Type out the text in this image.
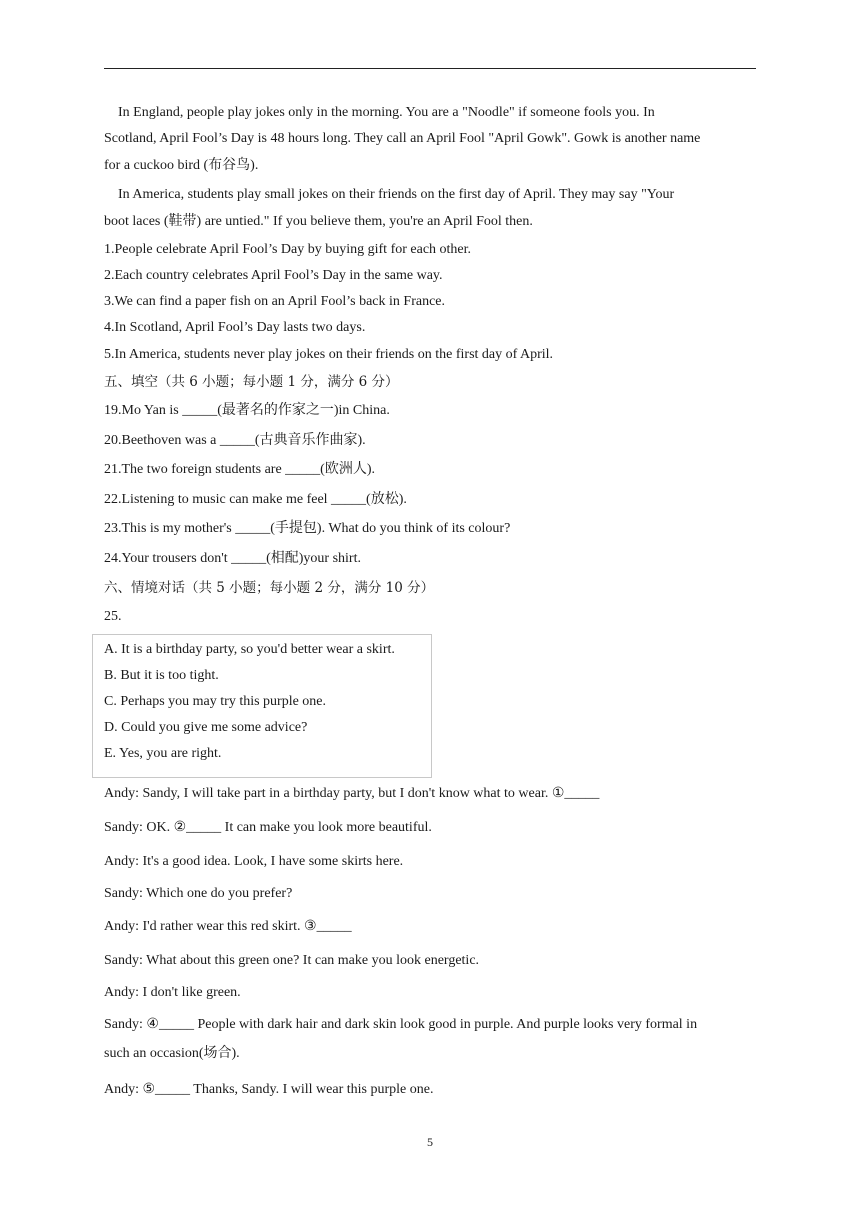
In England, people play jokes only in the morning. You are a "Noodle" if someone fools you. In
Scotland, April Fool’s Day is 48 hours long. They call an April Fool "April Gowk". Gowk is another name
for a cuckoo bird (布谷鸟).
In America, students play small jokes on their friends on the first day of April. They may say "Your
boot laces (鞋带) are untied." If you believe them, you're an April Fool then.
1.People celebrate April Fool’s Day by buying gift for each other.
2.Each country celebrates April Fool’s Day in the same way.
3.We can find a paper fish on an April Fool’s back in France.
4.In Scotland, April Fool’s Day lasts two days.
5.In America, students never play jokes on their friends on the first day of April.
五、填空（共 6 小题；每小题 1 分，满分 6 分）
19.Mo Yan is _____(最著名的作家之一)in China.
20.Beethoven was a _____(古典音乐作曲家).
21.The two foreign students are _____(欧洲人).
22.Listening to music can make me feel _____(放松).
23.This is my mother's _____(手提包). What do you think of its colour?
24.Your trousers don't _____(相配)your shirt.
六、情境对话（共 5 小题；每小题 2 分，满分 10 分）
25.
A. It is a birthday party, so you'd better wear a skirt.
B. But it is too tight.
C. Perhaps you may try this purple one.
D. Could you give me some advice?
E. Yes, you are right.
Andy: Sandy, I will take part in a birthday party, but I don't know what to wear. ①_____
Sandy: OK. ②_____ It can make you look more beautiful.
Andy: It's a good idea. Look, I have some skirts here.
Sandy: Which one do you prefer?
Andy: I'd rather wear this red skirt. ③_____
Sandy: What about this green one? It can make you look energetic.
Andy: I don't like green.
Sandy: ④_____ People with dark hair and dark skin look good in purple. And purple looks very formal in
such an occasion(场合).
Andy: ⑤_____ Thanks, Sandy. I will wear this purple one.
5
